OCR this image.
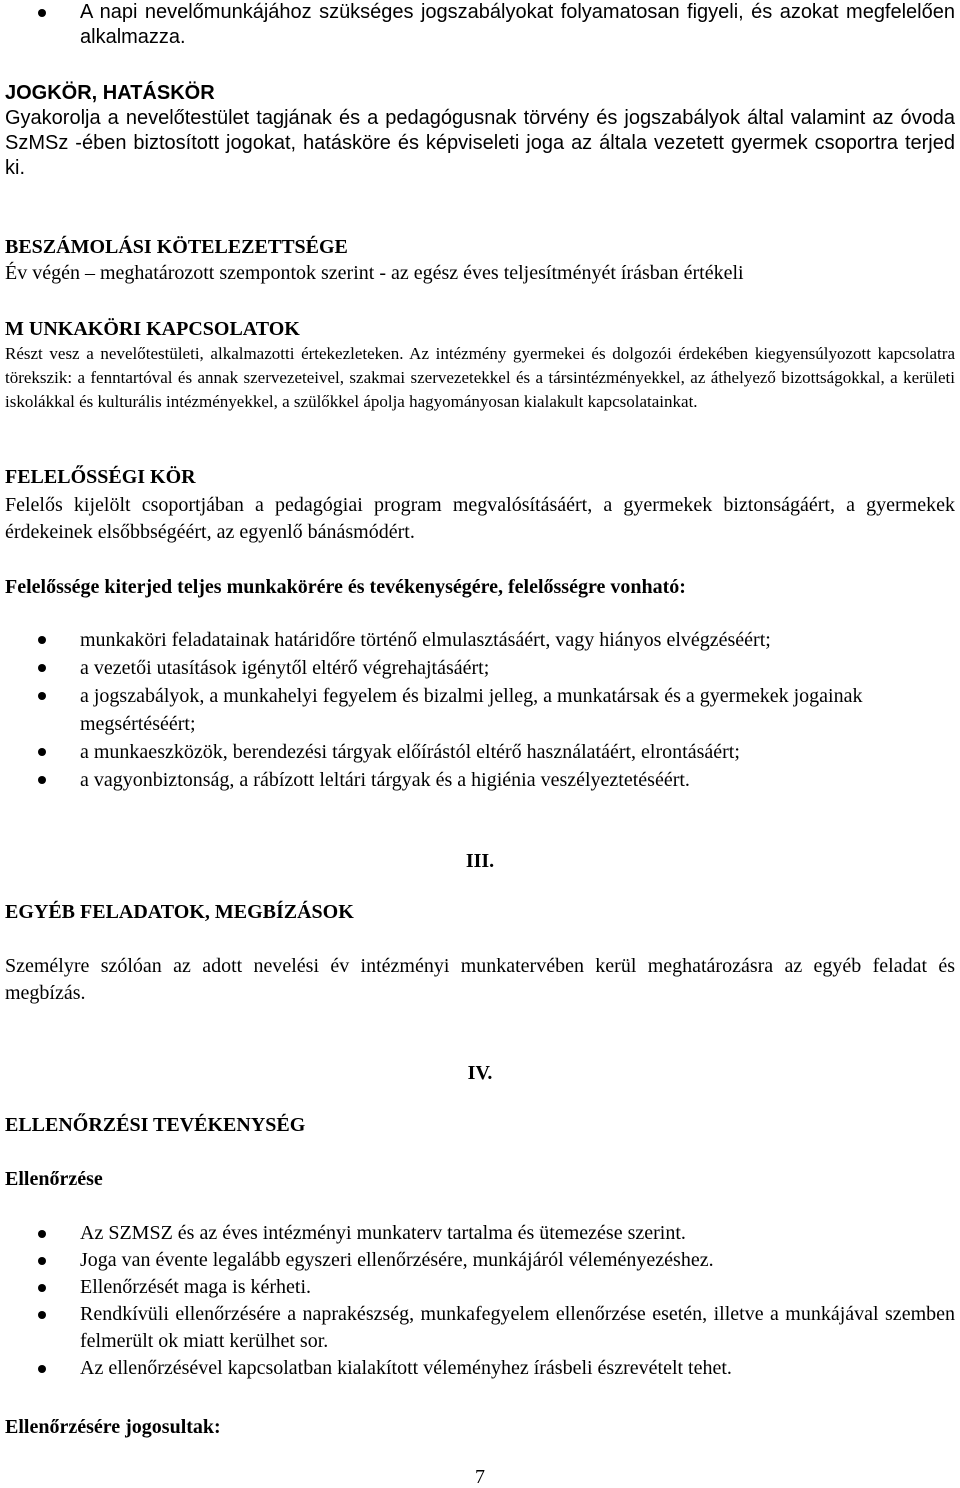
A napi nevelőmunkájához szükséges jogszabályokat folyamatosan figyeli, és azokat megfelelően alkalmazza.
JOGKÖR, HATÁSKÖR
Gyakorolja a nevelőtestület tagjának és a pedagógusnak törvény és jogszabályok által valamint az óvoda SzMSz -ében biztosított jogokat, hatásköre és képviseleti joga az általa vezetett gyermek csoportra terjed ki.
BESZÁMOLÁSI KÖTELEZETTSÉGE
Év végén – meghatározott szempontok szerint - az egész éves teljesítményét írásban értékeli
M UNKAKÖRI KAPCSOLATOK
Részt vesz a nevelőtestületi, alkalmazotti értekezleteken. Az intézmény gyermekei és dolgozói érdekében kiegyensúlyozott kapcsolatra törekszik: a fenntartóval és annak szervezeteivel, szakmai szervezetekkel és a társintézményekkel, az áthelyező bizottságokkal, a kerületi iskolákkal és kulturális intézményekkel, a szülőkkel ápolja hagyományosan kialakult kapcsolatainkat.
FELELŐSSÉGI KÖR
Felelős kijelölt csoportjában a pedagógiai program megvalósításáért, a gyermekek biztonságáért, a gyermekek érdekeinek elsőbbségéért, az egyenlő bánásmódért.
Felelőssége kiterjed teljes munkakörére és tevékenységére, felelősségre vonható:
munkaköri feladatainak határidőre történő elmulasztásáért, vagy hiányos elvégzéséért;
a vezetői utasítások igénytől eltérő végrehajtásáért;
a jogszabályok, a munkahelyi fegyelem és bizalmi jelleg, a munkatársak és a gyermekek jogainak megsértéséért;
a munkaeszközök, berendezési tárgyak előírástól eltérő használatáért, elrontásáért;
a vagyonbiztonság, a rábízott leltári tárgyak és a higiénia veszélyeztetéséért.
III.
EGYÉB FELADATOK, MEGBÍZÁSOK
Személyre szólóan az adott nevelési év intézményi munkatervében kerül meghatározásra az egyéb feladat és megbízás.
IV.
ELLENŐRZÉSI TEVÉKENYSÉG
Ellenőrzése
Az SZMSZ és az éves intézményi munkaterv tartalma és ütemezése szerint.
Joga van évente legalább egyszeri ellenőrzésére, munkájáról véleményezéshez.
Ellenőrzését maga is kérheti.
Rendkívüli ellenőrzésére a naprakészség, munkafegyelem ellenőrzése esetén, illetve a munkájával szemben felmerült ok miatt kerülhet sor.
Az ellenőrzésével kapcsolatban kialakított véleményhez írásbeli észrevételt tehet.
Ellenőrzésére jogosultak:
7
